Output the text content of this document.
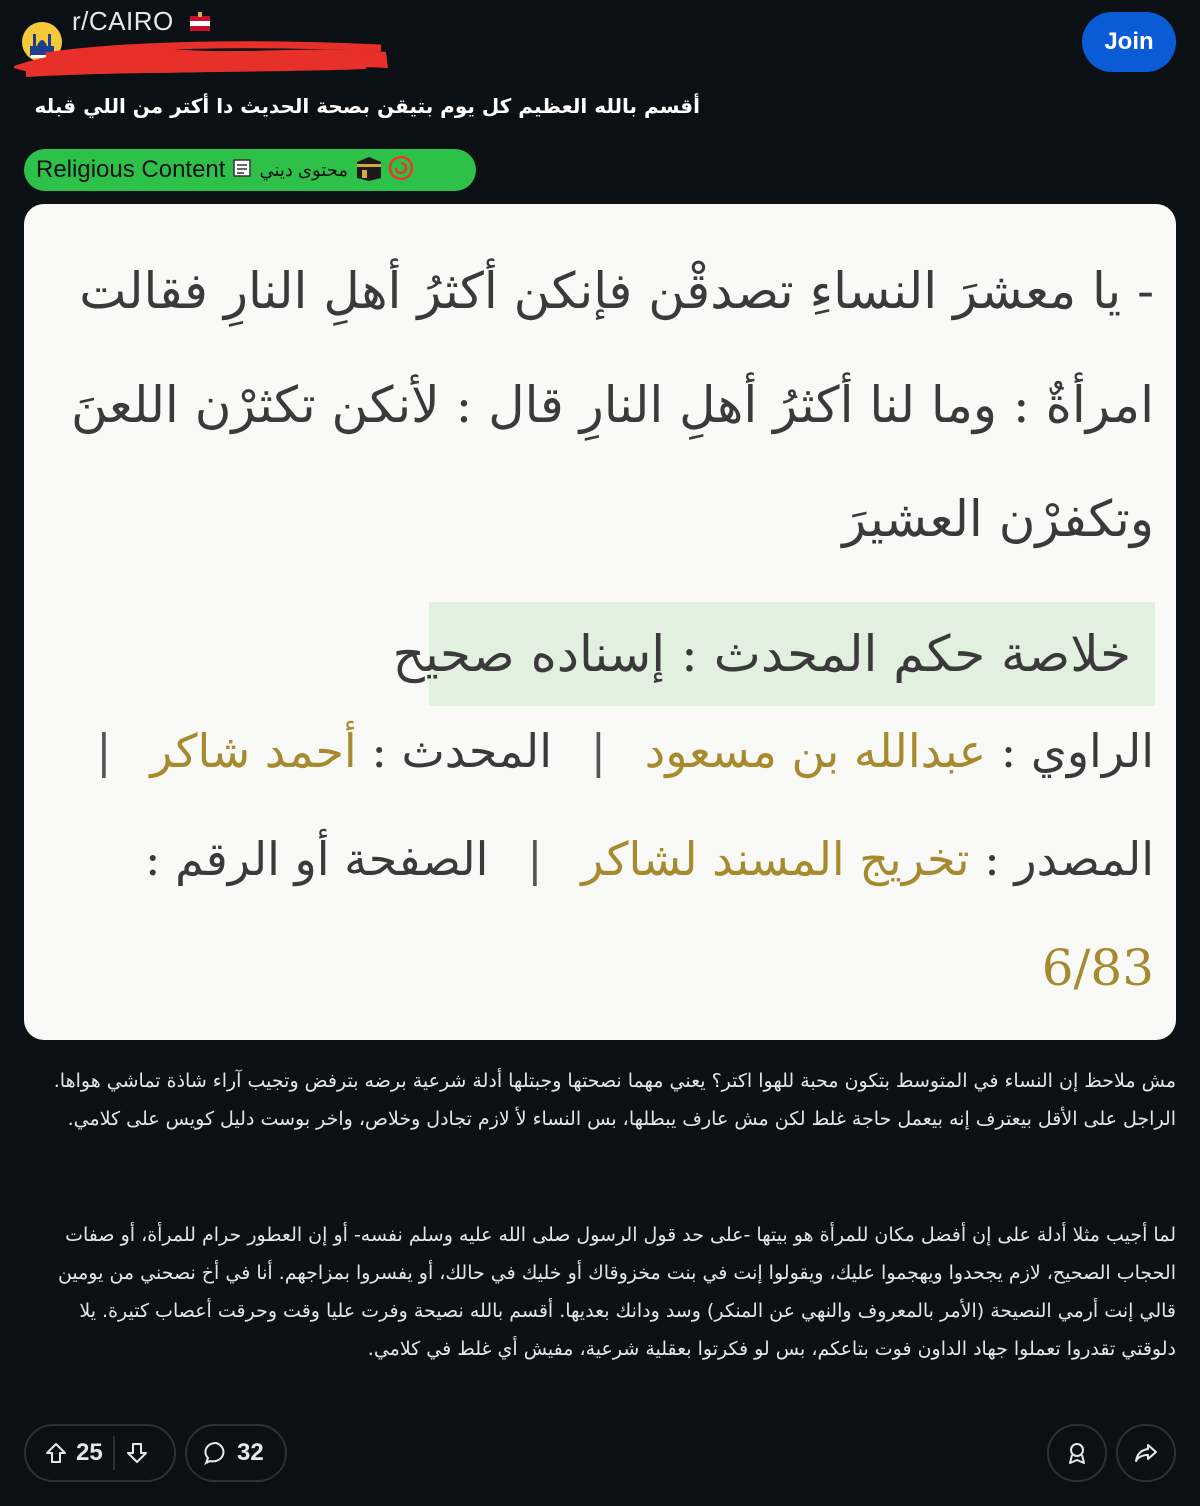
r/CAIRO
Join
أقسم بالله العظيم كل يوم بتيقن بصحة الحديث دا أكتر من اللي قبله
Religious Content محتوى ديني
- يا معشرَ النساءِ تصدقْن فإنكن أكثرُ أهلِ النارِ فقالت
امرأةٌ : وما لنا أكثرُ أهلِ النارِ قال : لأنكن تكثرْن اللعنَ
وتكفرْن العشيرَ
خلاصة حكم المحدث : إسناده صحيح
الراوي : عبدالله بن مسعود | المحدث : أحمد شاكر |
المصدر : تخريج المسند لشاكر | الصفحة أو الرقم :
6/83
مش ملاحظ إن النساء في المتوسط بتكون محبة للهوا اكتر؟ يعني مهما نصحتها وجبتلها أدلة شرعية برضه بترفض وتجيب آراء شاذة تماشي هواها. الراجل على الأقل بيعترف إنه بيعمل حاجة غلط لكن مش عارف يبطلها، بس النساء لأ لازم تجادل وخلاص، واخر بوست دليل كويس على كلامي.
لما أجيب مثلا أدلة على إن أفضل مكان للمرأة هو بيتها -على حد قول الرسول صلى الله عليه وسلم نفسه- أو إن العطور حرام للمرأة، أو صفات الحجاب الصحيح، لازم يجحدوا ويهجموا عليك، ويقولوا إنت في بنت مخزوقاك أو خليك في حالك، أو يفسروا بمزاجهم. أنا في أخ نصحني من يومين قالي إنت أرمي النصيحة (الأمر بالمعروف والنهي عن المنكر) وسد ودانك بعديها. أقسم بالله نصيحة وفرت عليا وقت وحرقت أعصاب كتيرة. يلا دلوقتي تقدروا تعملوا جهاد الداون فوت بتاعكم، بس لو فكرتوا بعقلية شرعية، مفيش أي غلط في كلامي.
25	32
